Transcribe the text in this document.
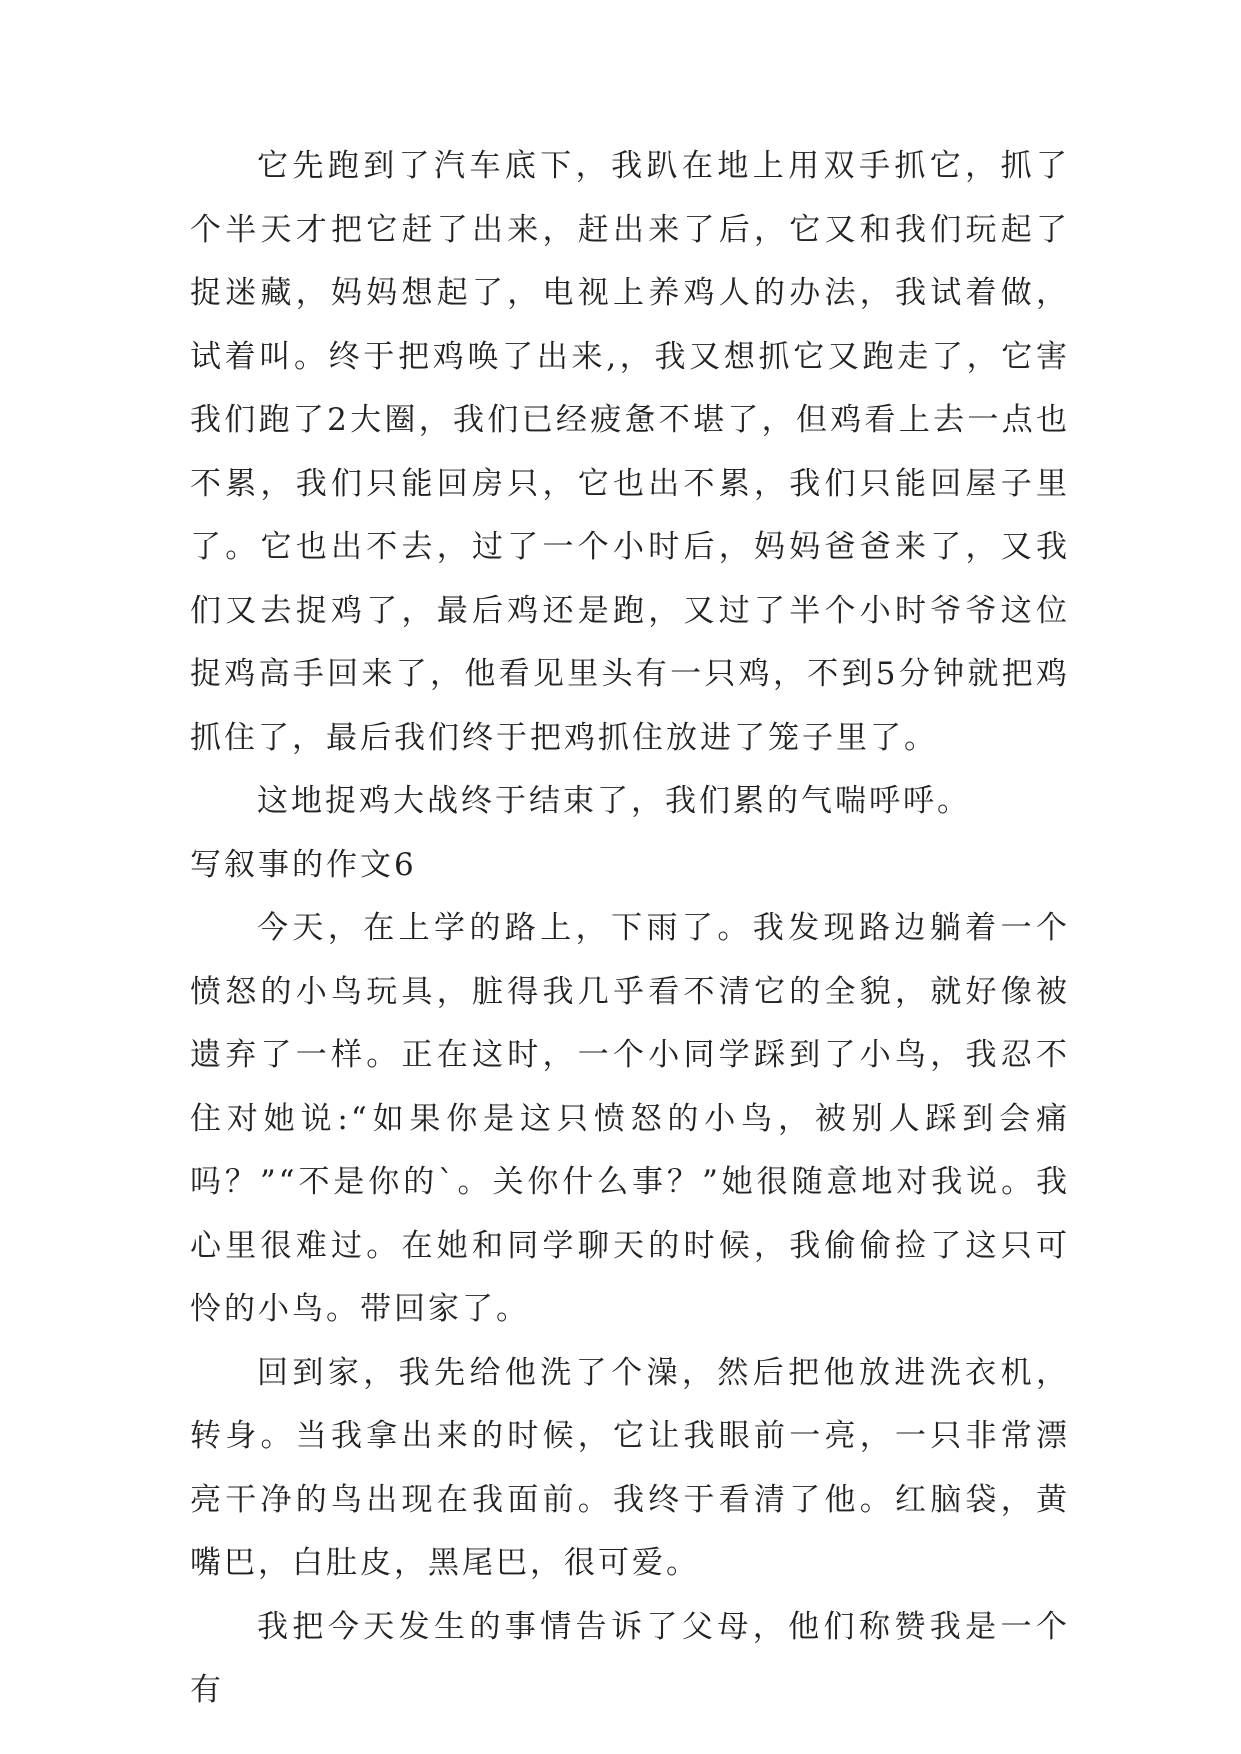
它先跑到了汽车底下，我趴在地上用双手抓它，抓了个半天才把它赶了出来，赶出来了后，它又和我们玩起了捉迷藏，妈妈想起了，电视上养鸡人的办法，我试着做，试着叫。终于把鸡唤了出来,，我又想抓它又跑走了，它害我们跑了2大圈，我们已经疲惫不堪了，但鸡看上去一点也不累，我们只能回房只，它也出不累，我们只能回屋子里了。它也出不去，过了一个小时后，妈妈爸爸来了，又我们又去捉鸡了，最后鸡还是跑，又过了半个小时爷爷这位捉鸡高手回来了，他看见里头有一只鸡，不到5分钟就把鸡抓住了，最后我们终于把鸡抓住放进了笼子里了。

这地捉鸡大战终于结束了，我们累的气喘呼呼。

写叙事的作文6

今天，在上学的路上，下雨了。我发现路边躺着一个愤怒的小鸟玩具，脏得我几乎看不清它的全貌，就好像被遗弃了一样。正在这时，一个小同学踩到了小鸟，我忍不住对她说:“如果你是这只愤怒的小鸟，被别人踩到会痛吗？”“不是你的`。关你什么事？”她很随意地对我说。我心里很难过。在她和同学聊天的时候，我偷偷捡了这只可怜的小鸟。带回家了。

回到家，我先给他洗了个澡，然后把他放进洗衣机，转身。当我拿出来的时候，它让我眼前一亮，一只非常漂亮干净的鸟出现在我面前。我终于看清了他。红脑袋，黄嘴巴，白肚皮，黑尾巴，很可爱。

我把今天发生的事情告诉了父母，他们称赞我是一个有
